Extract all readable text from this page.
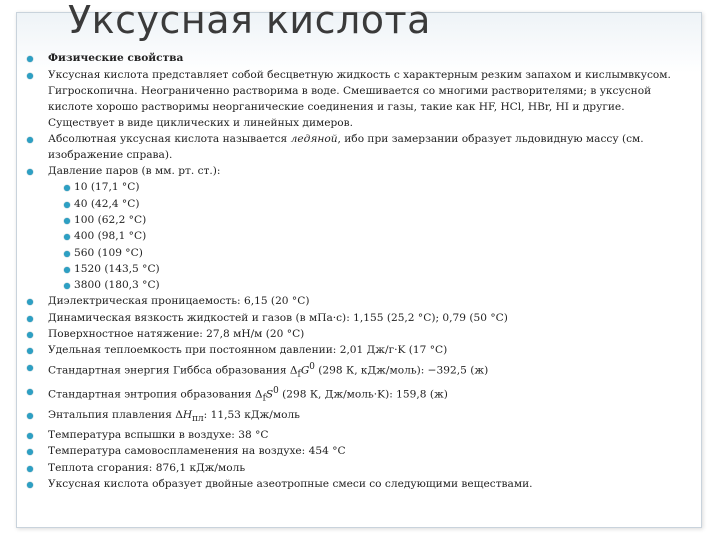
Уксусная кислота
Физические свойства
Уксусная кислота представляет собой бесцветную жидкость с характерным резким запахом и кислымвкусом. Гигроскопична. Неограниченно растворима в воде. Смешивается со многими растворителями; в уксусной кислоте хорошо растворимы неорганические соединения и газы, такие как HF, HCl, HBr, HI и другие. Существует в виде циклических и линейных димеров.
Абсолютная уксусная кислота называется ледяной, ибо при замерзании образует льдовидную массу (см. изображение справа).
Давление паров (в мм. рт. ст.):
10 (17,1 °C)
40 (42,4 °C)
100 (62,2 °C)
400 (98,1 °C)
560 (109 °C)
1520 (143,5 °C)
3800 (180,3 °C)
Диэлектрическая проницаемость: 6,15 (20 °C)
Динамическая вязкость жидкостей и газов (в мПа·с): 1,155 (25,2 °C); 0,79 (50 °C)
Поверхностное натяжение: 27,8 мН/м (20 °C)
Удельная теплоемкость при постоянном давлении: 2,01 Дж/г·K (17 °C)
Стандартная энергия Гиббса образования $\Delta_fG^0$ (298 К, кДж/моль): −392,5 (ж)
Стандартная энтропия образования $\Delta_fS^0$ (298 К, Дж/моль·K): 159,8 (ж)
Энтальпия плавления $\Delta H_{пл}$: 11,53 кДж/моль
Температура вспышки в воздухе: 38 °C
Температура самовоспламенения на воздухе: 454 °C
Теплота сгорания: 876,1 кДж/моль
Уксусная кислота образует двойные азеотропные смеси со следующими веществами.
